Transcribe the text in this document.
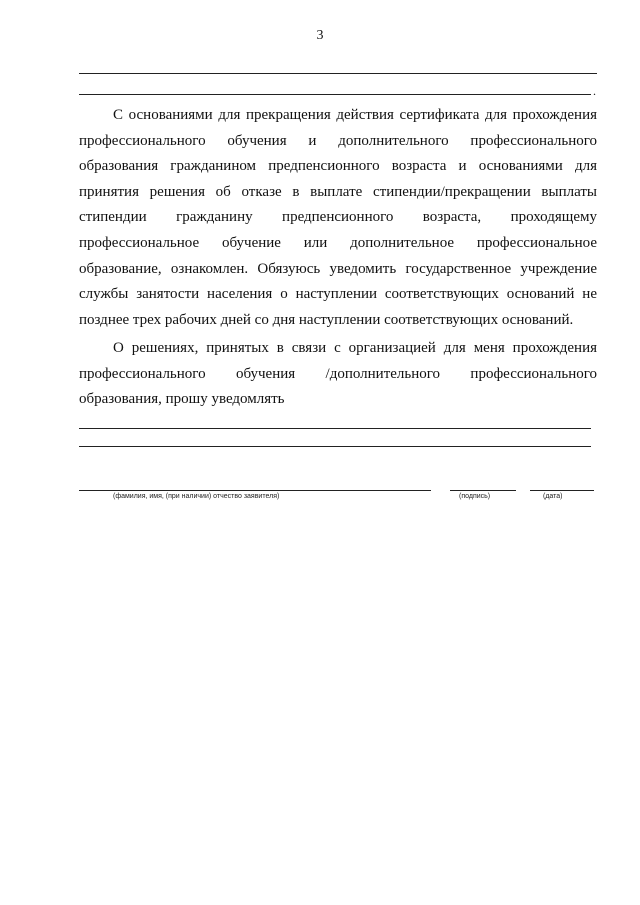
3
.

С основаниями для прекращения действия сертификата для прохождения профессионального обучения и дополнительного профессионального образования гражданином предпенсионного возраста и основаниями для принятия решения об отказе в выплате стипендии/прекращении выплаты стипендии гражданину предпенсионного возраста, проходящему профессиональное обучение или дополнительное профессиональное образование, ознакомлен. Обязуюсь уведомить государственное учреждение службы занятости населения о наступлении соответствующих оснований не позднее трех рабочих дней со дня наступлении соответствующих оснований.

О решениях, принятых в связи с организацией для меня прохождения профессионального обучения /дополнительного профессионального образования, прошу уведомлять

(фамилия, имя, (при наличии) отчество заявителя)	(подпись)	(дата)
